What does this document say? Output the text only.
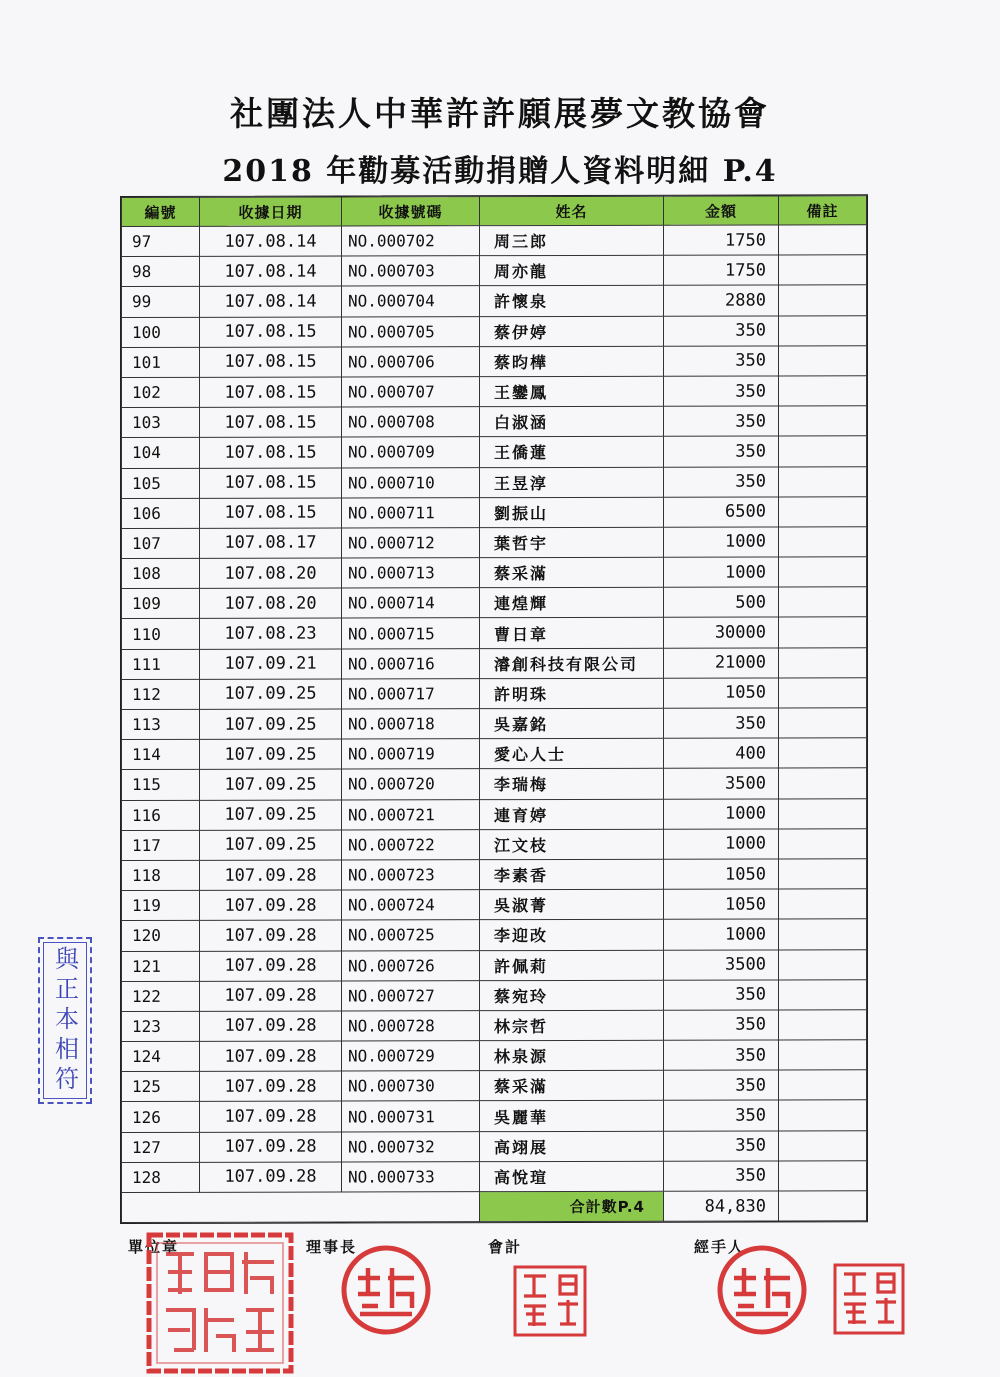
社團法人中華許許願展夢文教協會
2018 年勸募活動捐贈人資料明細 P.4
編號	收據日期	收據號碼	姓名	金額	備註
97	107.08.14	NO.000702	周三郎	1750	
98	107.08.14	NO.000703	周亦龍	1750	
99	107.08.14	NO.000704	許懷泉	2880	
100	107.08.15	NO.000705	蔡伊婷	350	
101	107.08.15	NO.000706	蔡昀樺	350	
102	107.08.15	NO.000707	王鑾鳳	350	
103	107.08.15	NO.000708	白淑涵	350	
104	107.08.15	NO.000709	王僑蓮	350	
105	107.08.15	NO.000710	王昱淳	350	
106	107.08.15	NO.000711	劉振山	6500	
107	107.08.17	NO.000712	葉哲宇	1000	
108	107.08.20	NO.000713	蔡采滿	1000	
109	107.08.20	NO.000714	連煌輝	500	
110	107.08.23	NO.000715	曹日章	30000	
111	107.09.21	NO.000716	濬創科技有限公司	21000	
112	107.09.25	NO.000717	許明珠	1050	
113	107.09.25	NO.000718	吳嘉銘	350	
114	107.09.25	NO.000719	愛心人士	400	
115	107.09.25	NO.000720	李瑞梅	3500	
116	107.09.25	NO.000721	連育婷	1000	
117	107.09.25	NO.000722	江文枝	1000	
118	107.09.28	NO.000723	李素香	1050	
119	107.09.28	NO.000724	吳淑菁	1050	
120	107.09.28	NO.000725	李迎改	1000	
121	107.09.28	NO.000726	許佩莉	3500	
122	107.09.28	NO.000727	蔡宛玲	350	
123	107.09.28	NO.000728	林宗哲	350	
124	107.09.28	NO.000729	林泉源	350	
125	107.09.28	NO.000730	蔡采滿	350	
126	107.09.28	NO.000731	吳麗華	350	
127	107.09.28	NO.000732	高翊展	350	
128	107.09.28	NO.000733	高悅瑄	350	
			合計數P.4	84,830	
單位章	理事長	會計	經手人
與正本相符
